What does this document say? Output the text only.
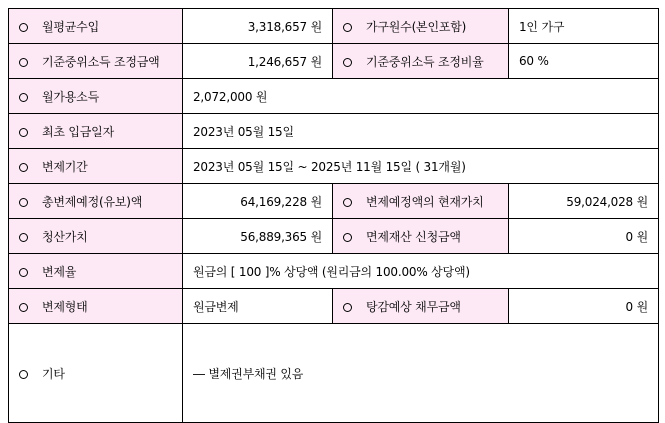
월평균수입	3,318,657 원	가구원수(본인포함)	1인 가구
기준중위소득 조정금액	1,246,657 원	기준중위소득 조정비율	60 %
월가용소득	2,072,000 원		
최초 입금일자	2023년 05월 15일		
변제기간	2023년 05월 15일 ~ 2025년 11월 15일 ( 31개월)		
총변제예정(유보)액	64,169,228 원	변제예정액의 현재가치	59,024,028 원
청산가치	56,889,365 원	면제재산 신청금액	0 원
변제율	원금의 [ 100 ]% 상당액 (원리금의 100.00% 상당액)		
변제형태	원금변제	탕감예상 채무금액	0 원
기타	― 별제권부채권 있음		
